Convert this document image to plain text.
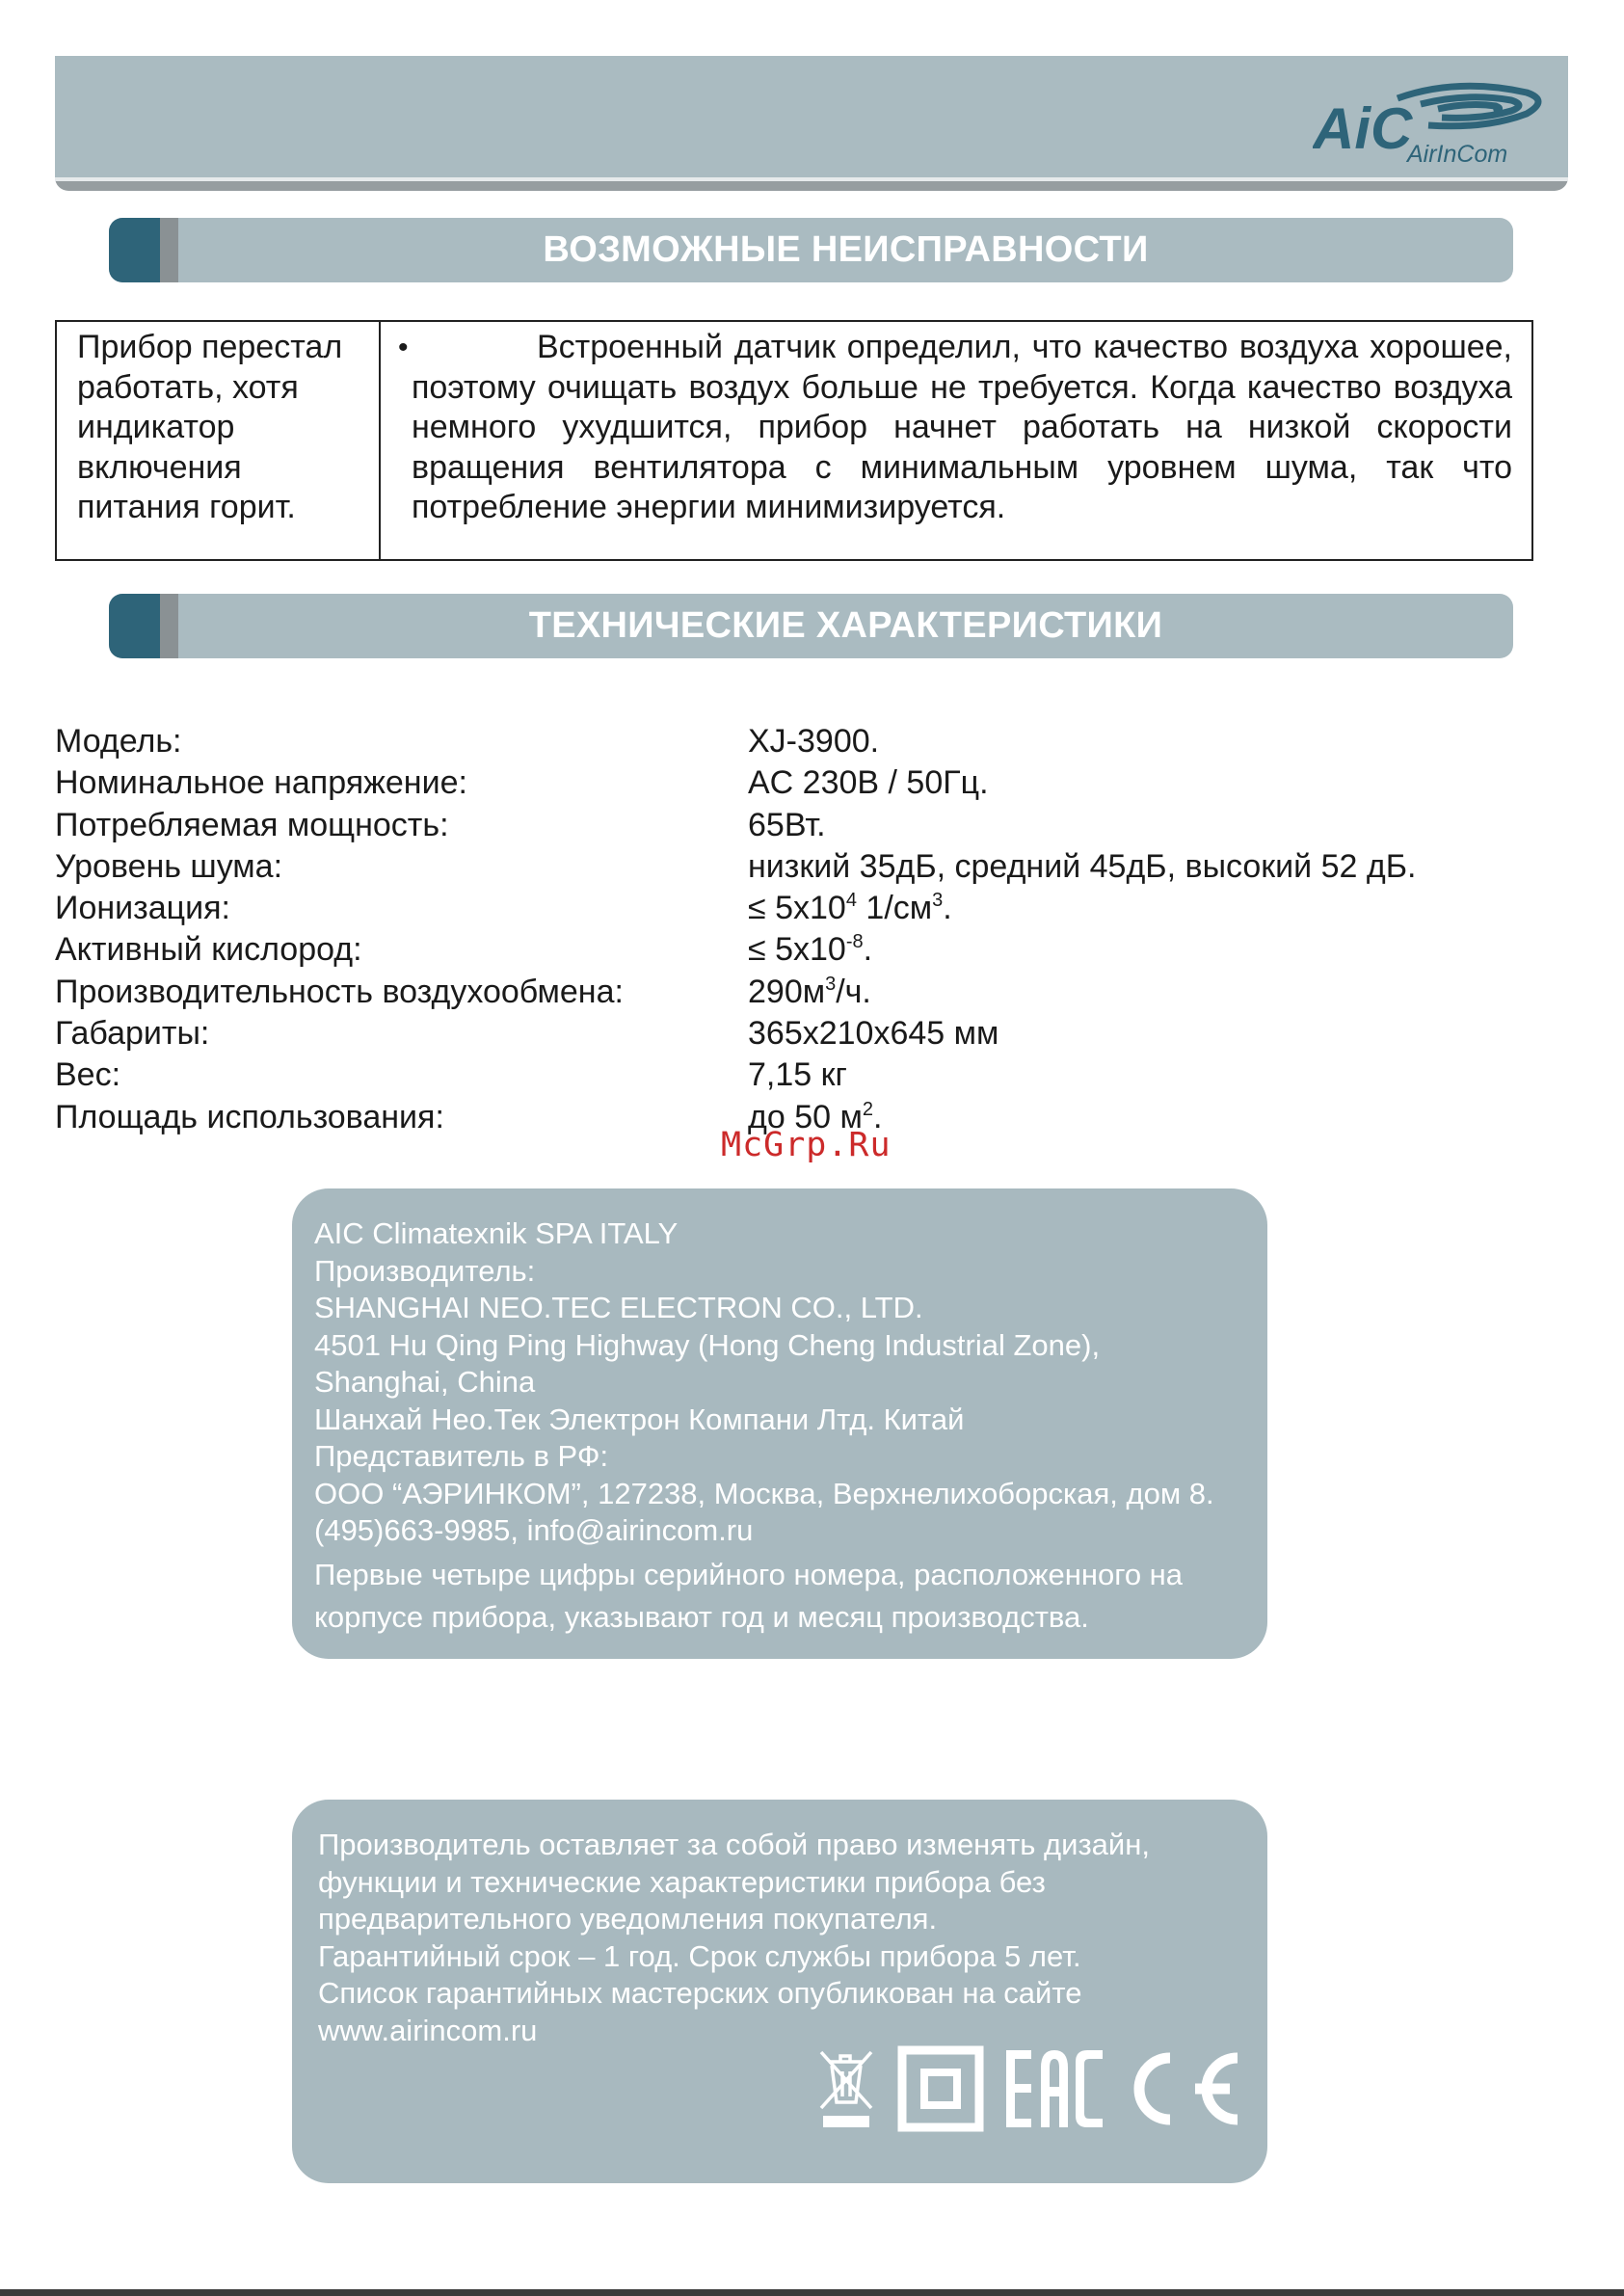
AiC
AirInCom
ВОЗМОЖНЫЕ НЕИСПРАВНОСТИ
Прибор перестал работать, хотя индикатор включения питания горит.
•	Встроенный датчик определил, что качество воздуха хорошее, поэтому очищать воздух больше не требуется. Когда качество воздуха немного ухудшится, прибор начнет работать на низкой скорости вращения вентилятора с минимальным уровнем шума, так что потребление энергии минимизируется.
ТЕХНИЧЕСКИЕ ХАРАКТЕРИСТИКИ
Модель:	XJ-3900.
Номинальное напряжение:	AC 230В / 50Гц.
Потребляемая мощность:	65Вт.
Уровень шума:	низкий 35дБ, средний 45дБ, высокий 52 дБ.
Ионизация:	≤ $5x10^4$ $1/см^3$.
Активный кислород:	≤ $5x10^{-8}$.
Производительность воздухообмена:	$290м^3/ч$.
Габариты:	365x210x645 мм
Вес:	7,15 кг
Площадь использования:	до 50 $м^2$.
McGrp.Ru
AIC Climatexnik SPA ITALY
Производитель:
SHANGHAI NEO.TEC ELECTRON CO., LTD.
4501 Hu Qing Ping Highway (Hong Cheng Industrial Zone),
Shanghai, China
Шанхай Нео.Тек Электрон Компани Лтд. Китай
Представитель в РФ:
ООО “АЭРИНКОМ”, 127238, Москва, Верхнелихоборская, дом 8.
(495)663-9985, info@airincom.ru
Первые четыре цифры серийного номера, расположенного на
корпусе прибора, указывают год и месяц производства.
Производитель оставляет за собой право изменять дизайн,
функции и технические характеристики прибора без
предварительного уведомления покупателя.
Гарантийный срок – 1 год. Срок службы прибора 5 лет.
Список гарантийных мастерских опубликован на сайте
www.airincom.ru
